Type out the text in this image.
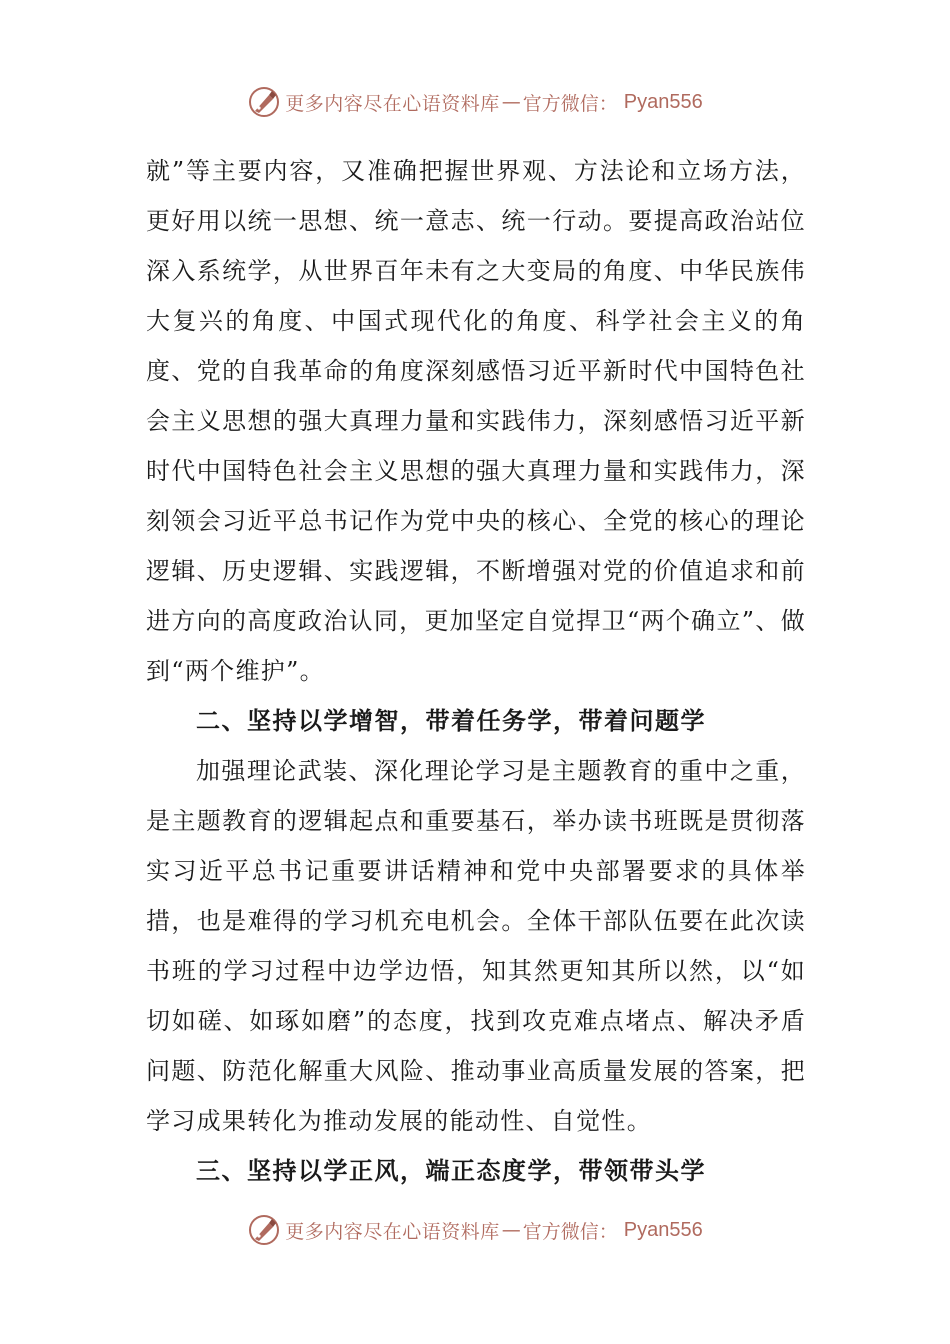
更多内容尽在心语资料库 — 官方微信： Pyan556

就”等主要内容，又准确把握世界观、方法论和立场方法，更好用以统一思想、统一意志、统一行动。要提高政治站位深入系统学，从世界百年未有之大变局的角度、中华民族伟大复兴的角度、中国式现代化的角度、科学社会主义的角度、党的自我革命的角度深刻感悟习近平新时代中国特色社会主义思想的强大真理力量和实践伟力，深刻感悟习近平新时代中国特色社会主义思想的强大真理力量和实践伟力，深刻领会习近平总书记作为党中央的核心、全党的核心的理论逻辑、历史逻辑、实践逻辑，不断增强对党的价值追求和前进方向的高度政治认同，更加坚定自觉捍卫“两个确立”、做到“两个维护”。

二、坚持以学增智，带着任务学，带着问题学

加强理论武装、深化理论学习是主题教育的重中之重，是主题教育的逻辑起点和重要基石，举办读书班既是贯彻落实习近平总书记重要讲话精神和党中央部署要求的具体举措，也是难得的学习机充电机会。全体干部队伍要在此次读书班的学习过程中边学边悟，知其然更知其所以然，以“如切如磋、如琢如磨”的态度，找到攻克难点堵点、解决矛盾问题、防范化解重大风险、推动事业高质量发展的答案，把学习成果转化为推动发展的能动性、自觉性。

三、坚持以学正风，端正态度学，带领带头学
更多内容尽在心语资料库 — 官方微信： Pyan556
